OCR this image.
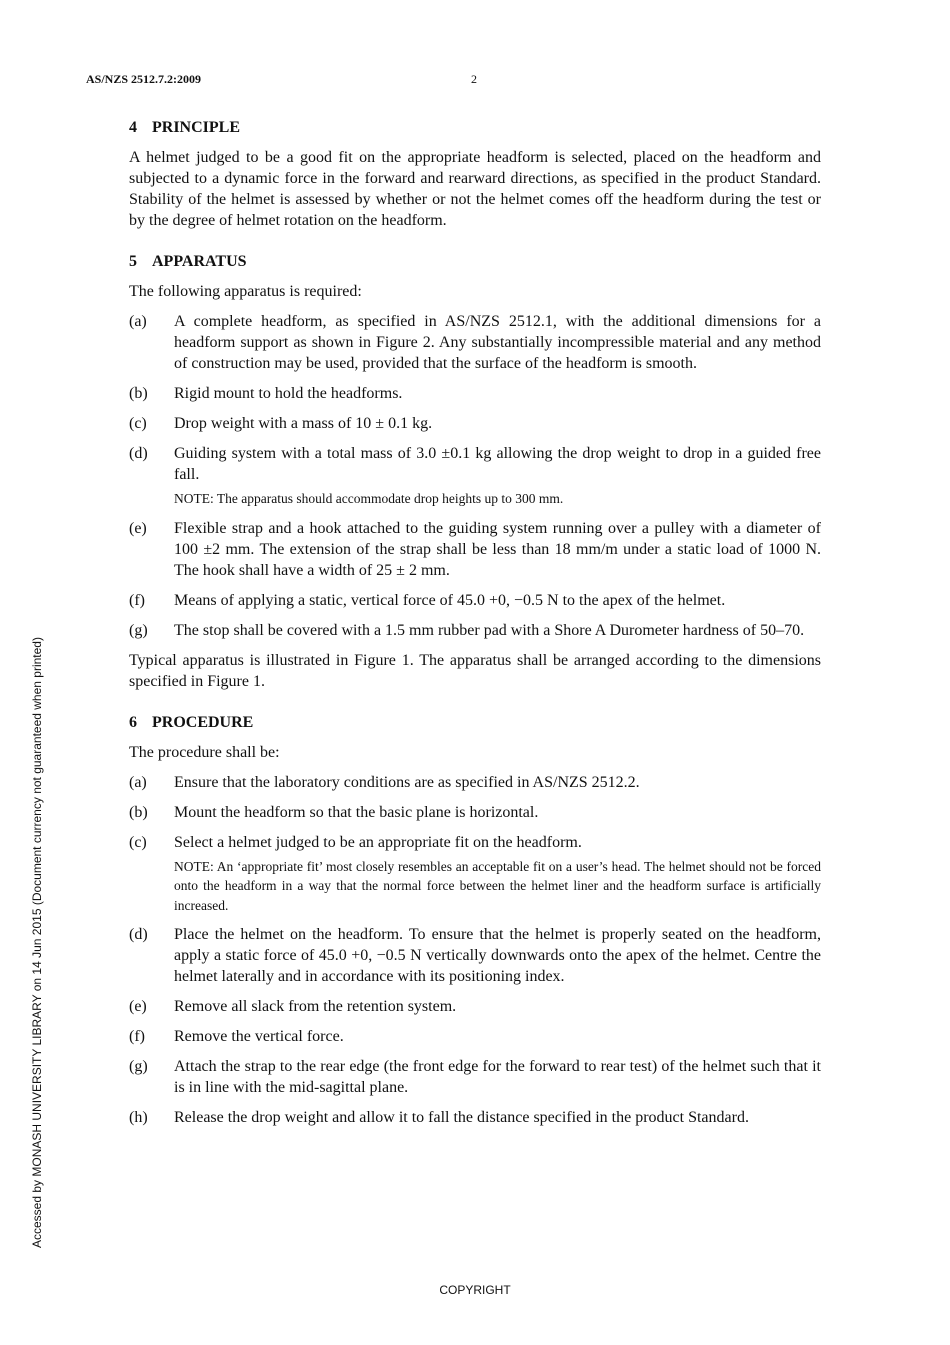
AS/NZS 2512.7.2:2009	2
4 PRINCIPLE

A helmet judged to be a good fit on the appropriate headform is selected, placed on the headform and subjected to a dynamic force in the forward and rearward directions, as specified in the product Standard. Stability of the helmet is assessed by whether or not the helmet comes off the headform during the test or by the degree of helmet rotation on the headform.

5 APPARATUS

The following apparatus is required:

(a) A complete headform, as specified in AS/NZS 2512.1, with the additional dimensions for a headform support as shown in Figure 2. Any substantially incompressible material and any method of construction may be used, provided that the surface of the headform is smooth.
(b) Rigid mount to hold the headforms.
(c) Drop weight with a mass of 10 ± 0.1 kg.
(d) Guiding system with a total mass of 3.0 ±0.1 kg allowing the drop weight to drop in a guided free fall.
NOTE: The apparatus should accommodate drop heights up to 300 mm.
(e) Flexible strap and a hook attached to the guiding system running over a pulley with a diameter of 100 ±2 mm. The extension of the strap shall be less than 18 mm/m under a static load of 1000 N. The hook shall have a width of 25 ± 2 mm.
(f) Means of applying a static, vertical force of 45.0 +0, −0.5 N to the apex of the helmet.
(g) The stop shall be covered with a 1.5 mm rubber pad with a Shore A Durometer hardness of 50–70.

Typical apparatus is illustrated in Figure 1. The apparatus shall be arranged according to the dimensions specified in Figure 1.

6 PROCEDURE

The procedure shall be:

(a) Ensure that the laboratory conditions are as specified in AS/NZS 2512.2.
(b) Mount the headform so that the basic plane is horizontal.
(c) Select a helmet judged to be an appropriate fit on the headform.
NOTE: An ‘appropriate fit’ most closely resembles an acceptable fit on a user’s head. The helmet should not be forced onto the headform in a way that the normal force between the helmet liner and the headform surface is artificially increased.
(d) Place the helmet on the headform. To ensure that the helmet is properly seated on the headform, apply a static force of 45.0 +0, −0.5 N vertically downwards onto the apex of the helmet. Centre the helmet laterally and in accordance with its positioning index.
(e) Remove all slack from the retention system.
(f) Remove the vertical force.
(g) Attach the strap to the rear edge (the front edge for the forward to rear test) of the helmet such that it is in line with the mid-sagittal plane.
(h) Release the drop weight and allow it to fall the distance specified in the product Standard.
Accessed by MONASH UNIVERSITY LIBRARY on 14 Jun 2015 (Document currency not guaranteed when printed)
COPYRIGHT
